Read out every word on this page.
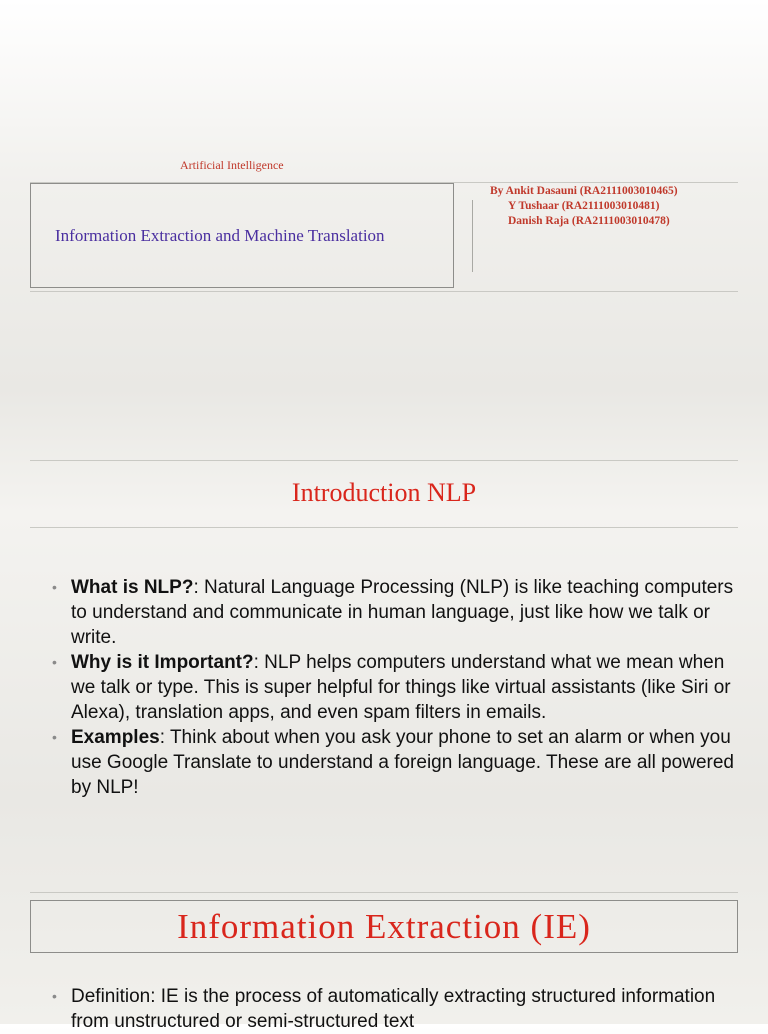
Artificial Intelligence
Information Extraction and Machine Translation
By Ankit Dasauni (RA2111003010465)
Y Tushaar (RA2111003010481)
Danish Raja (RA2111003010478)
Introduction NLP
• What is NLP?: Natural Language Processing (NLP) is like teaching computers to understand and communicate in human language, just like how we talk or write.
• Why is it Important?: NLP helps computers understand what we mean when we talk or type. This is super helpful for things like virtual assistants (like Siri or Alexa), translation apps, and even spam filters in emails.
• Examples: Think about when you ask your phone to set an alarm or when you use Google Translate to understand a foreign language. These are all powered by NLP!
Information Extraction (IE)
• Definition: IE is the process of automatically extracting structured information from unstructured or semi-structured text
